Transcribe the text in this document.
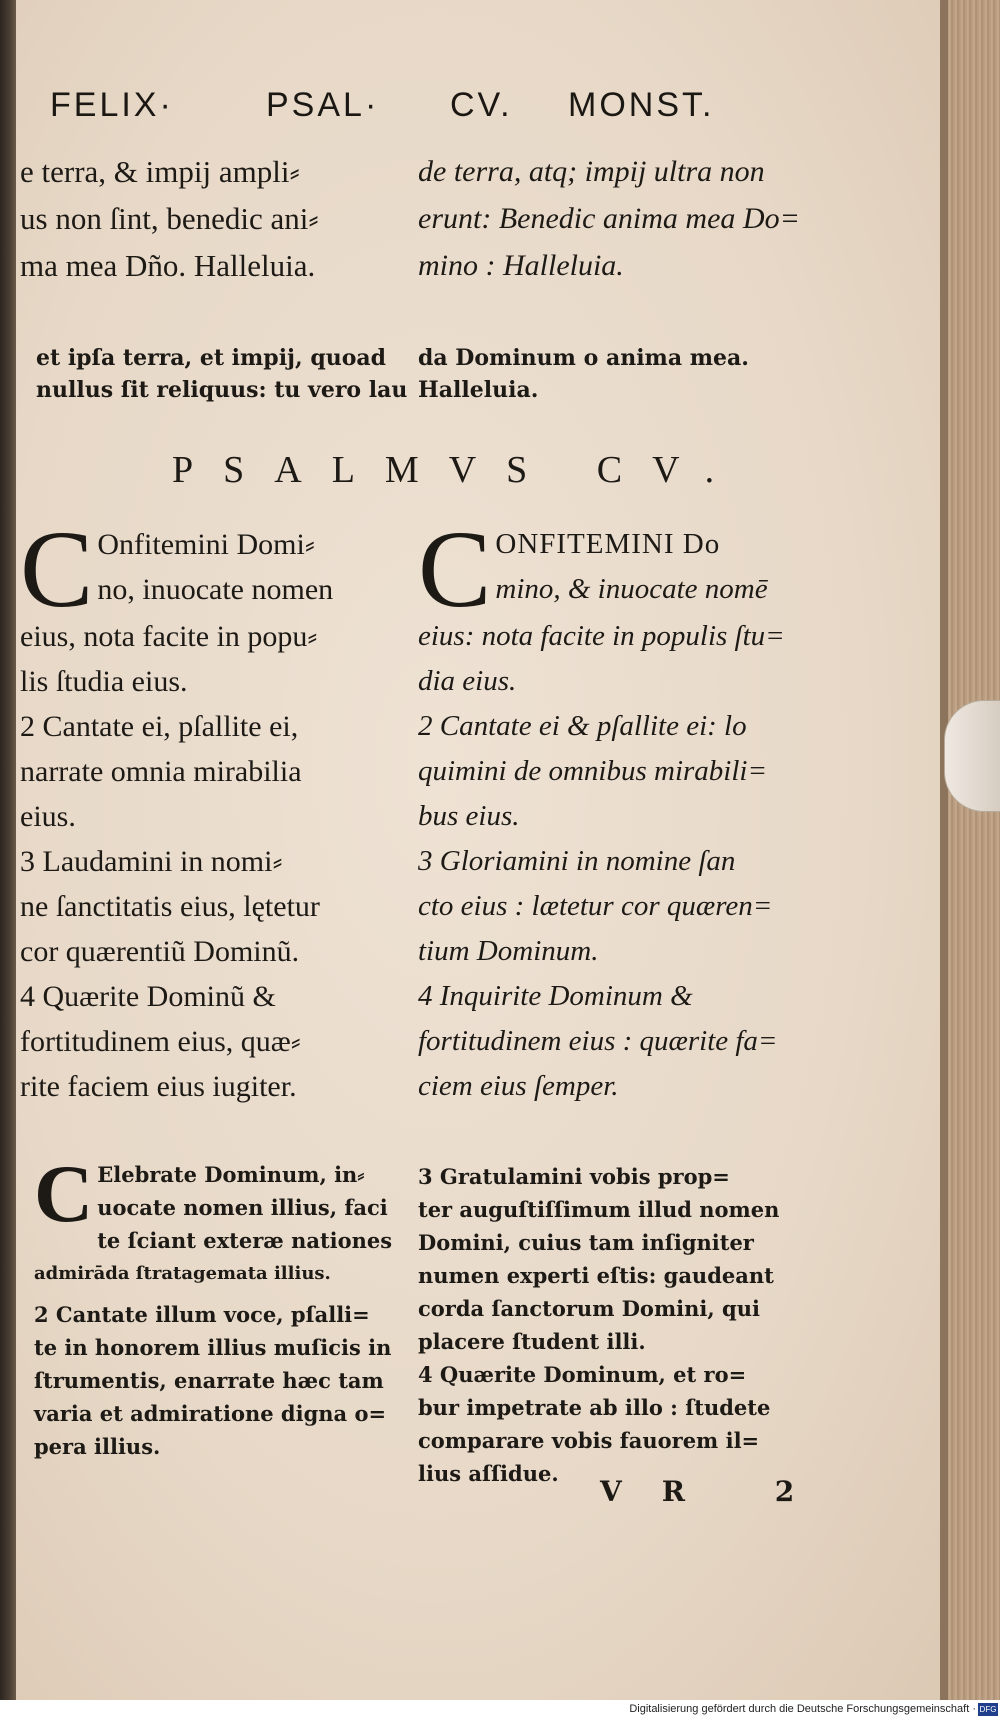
FELIX·	PSAL· CV. MONST.
e terra, & impij ampli⸗
us non ſint, benedic ani⸗
ma mea Dño. Halleluia.
de terra, atq; impij ultra non
erunt: Benedic anima mea Do=
mino : Halleluia.
et ipſa terra, et impij, quoad
nullus ſit reliquus: tu vero lau
da Dominum o anima mea.
Halleluia.
PSALMVS CV.
C Onfitemini Domi⸗
no, inuocate nomen
eius, nota facite in popu⸗
lis ſtudia eius.
2 Cantate ei, pſallite ei,
narrate omnia mirabilia
eius.
3 Laudamini in nomi⸗
ne ſanctitatis eius, lętetur
cor quærentiũ Dominũ.
4 Quærite Dominũ &
fortitudinem eius, quæ⸗
rite faciem eius iugiter.
C ONFITEMINI Do
mino, & inuocate nomē
eius: nota facite in populis ſtu=
dia eius.
2 Cantate ei & pſallite ei: lo
quimini de omnibus mirabili=
bus eius.
3 Gloriamini in nomine ſan
cto eius : lætetur cor quæren=
tium Dominum.
4 Inquirite Dominum &
fortitudinem eius : quærite fa=
ciem eius ſemper.
C Elebrate Dominum, in⸗
uocate nomen illius, faci
te ſciant exteræ nationes
admirāda ſtratagemata illius.
2 Cantate illum voce, pſalli=
te in honorem illius muſicis in
ſtrumentis, enarrate hæc tam
varia et admiratione digna o=
pera illius.
3 Gratulamini vobis prop=
ter auguſtiſſimum illud nomen
Domini, cuius tam inſigniter
numen experti eſtis: gaudeant
corda ſanctorum Domini, qui
placere ſtudent illi.
4 Quærite Dominum, et ro=
bur impetrate ab illo : ſtudete
comparare vobis fauorem il=
lius aſſidue.
VR 2
Digitalisierung gefördert durch die Deutsche Forschungsgemeinschaft · DFG
